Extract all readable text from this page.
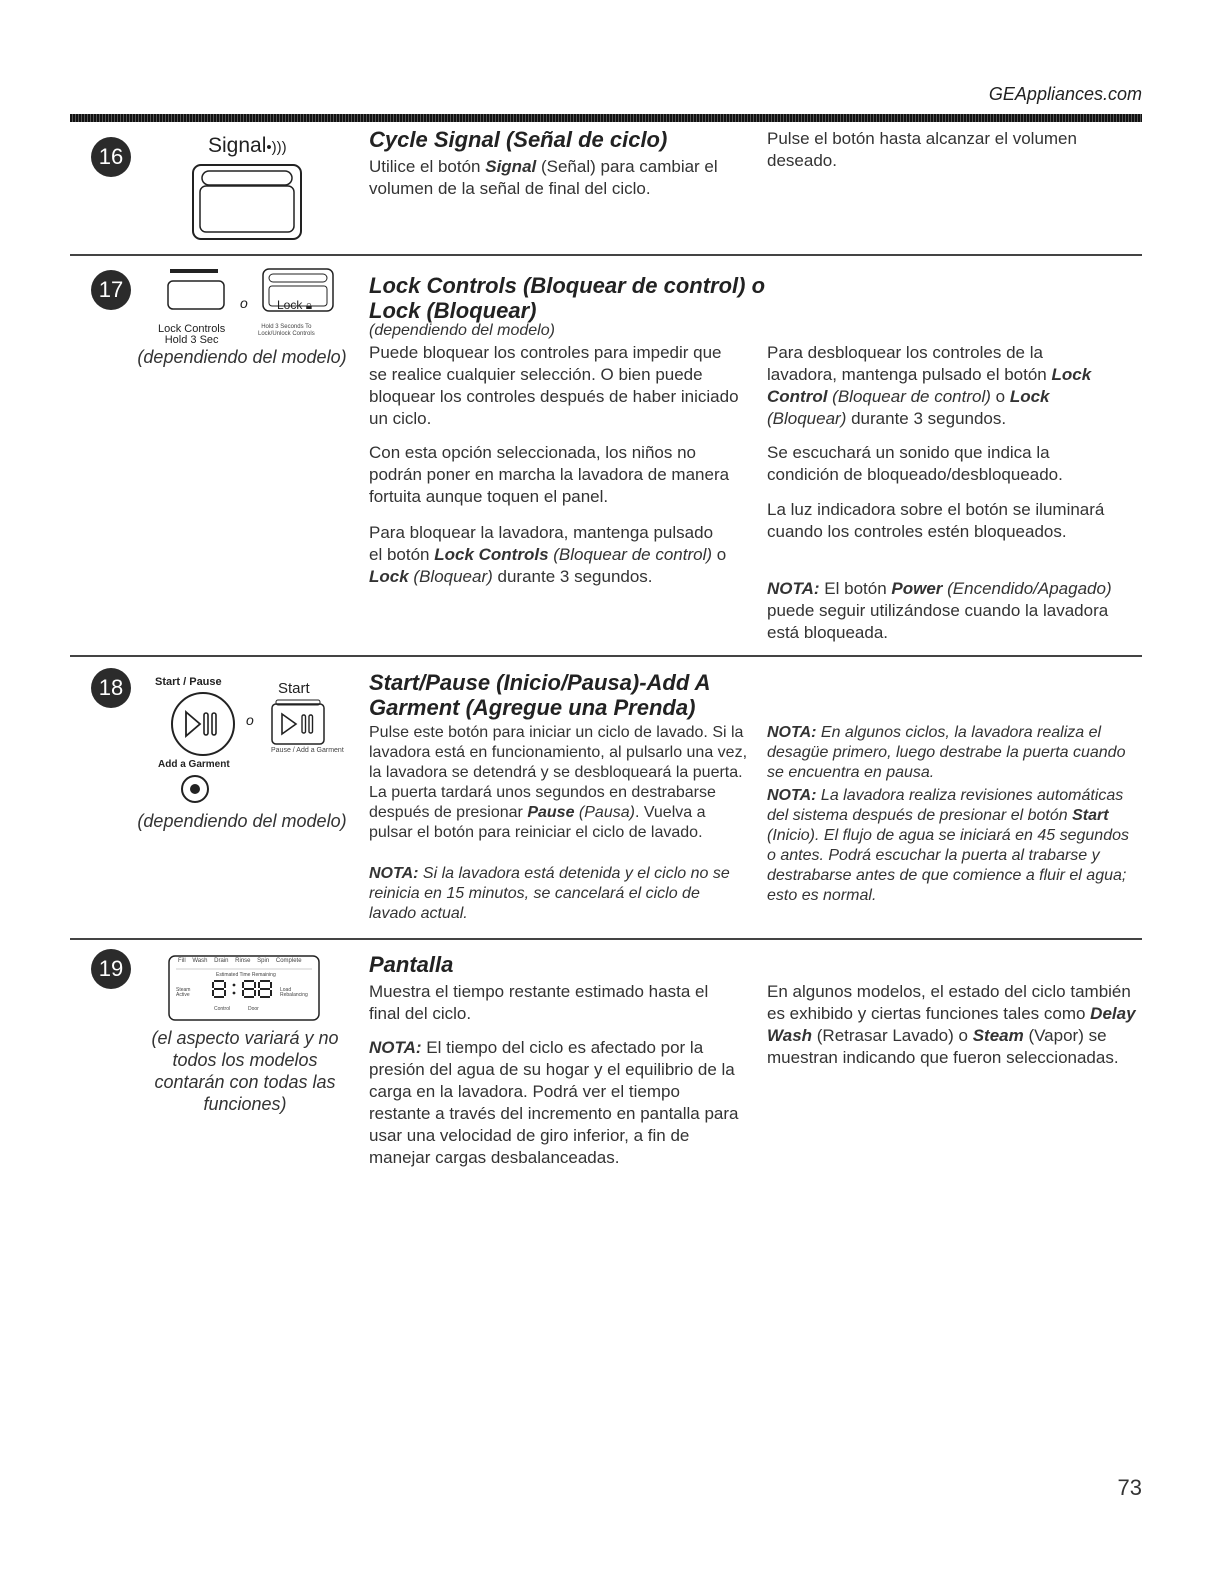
GEAppliances.com
16	Signal•)))	Cycle Signal (Señal de ciclo)
Utilice el botón Signal (Señal) para cambiar el volumen de la señal de final del ciclo.
Pulse el botón hasta alcanzar el volumen deseado.
17
o Lock 🔒︎
Lock Controls
Hold 3 Sec
Hold 3 Seconds To
Lock/Unlock Controls
(dependiendo del modelo)
Lock Controls (Bloquear de control) o
Lock (Bloquear)
(dependiendo del modelo)
Puede bloquear los controles para impedir que se realice cualquier selección. O bien puede bloquear los controles después de haber iniciado un ciclo.
Con esta opción seleccionada, los niños no podrán poner en marcha la lavadora de manera fortuita aunque toquen el panel.
Para bloquear la lavadora, mantenga pulsado el botón Lock Controls (Bloquear de control) o Lock (Bloquear) durante 3 segundos.
Para desbloquear los controles de la lavadora, mantenga pulsado el botón Lock Control (Bloquear de control) o Lock (Bloquear) durante 3 segundos.
Se escuchará un sonido que indica la condición de bloqueado/desbloqueado.
La luz indicadora sobre el botón se iluminará cuando los controles estén bloqueados.
NOTA: El botón Power (Encendido/Apagado) puede seguir utilizándose cuando la lavadora está bloqueada.
18	Start / Pause	Start
o
Pause / Add a Garment
Add a Garment
(dependiendo del modelo)
Start/Pause (Inicio/Pausa)-Add A
Garment (Agregue una Prenda)
Pulse este botón para iniciar un ciclo de lavado. Si la lavadora está en funcionamiento, al pulsarlo una vez, la lavadora se detendrá y se desbloqueará la puerta. La puerta tardará unos segundos en destrabarse después de presionar Pause (Pausa). Vuelva a pulsar el botón para reiniciar el ciclo de lavado.
NOTA: Si la lavadora está detenida y el ciclo no se reinicia en 15 minutos, se cancelará el ciclo de lavado actual.
NOTA: En algunos ciclos, la lavadora realiza el desagüe primero, luego destrabe la puerta cuando se encuentra en pausa.
NOTA: La lavadora realiza revisiones automáticas del sistema después de presionar el botón Start (Inicio). El flujo de agua se iniciará en 45 segundos o antes. Podrá escuchar la puerta al trabarse y destrabarse antes de que comience a fluir el agua; esto es normal.
19	Fill Wash Drain Rinse Spin Complete
Estimated Time Remaining
Steam Active
Load Rebalancing
Control	Door
(el aspecto variará y no todos los modelos contarán con todas las funciones)
Pantalla
Muestra el tiempo restante estimado hasta el final del ciclo.
NOTA: El tiempo del ciclo es afectado por la presión del agua de su hogar y el equilibrio de la carga en la lavadora. Podrá ver el tiempo restante a través del incremento en pantalla para usar una velocidad de giro inferior, a fin de manejar cargas desbalanceadas.
En algunos modelos, el estado del ciclo también es exhibido y ciertas funciones tales como Delay Wash (Retrasar Lavado) o Steam (Vapor) se muestran indicando que fueron seleccionadas.
73
